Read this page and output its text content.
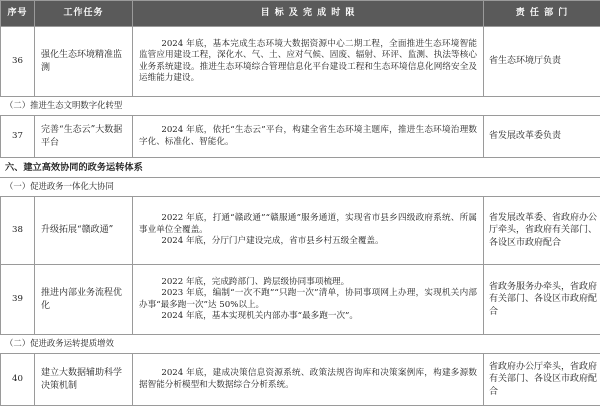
序号	工作任务	目 标 及 完 成 时 限	责 任 部 门
36	强化生态环境精准监测	2024 年底，基本完成生态环境大数据资源中心二期工程，全面推进生态环境智能监管应用建设工程，深化水、气、土、应对气候、固废、辐射、环评、监测、执法等核心业务系统建设。推进生态环境综合管理信息化平台建设工程和生态环境信息化网络安全及运维能力建设。	省生态环境厅负责
（二）推进生态文明数字化转型			
37	完善“生态云”大数据平台	2024 年底，依托“生态云”平台，构建全省生态环境主题库，推进生态环境治理数字化、标准化、智能化。	省发展改革委负责
六、建立高效协同的政务运转体系			
（一）促进政务一体化大协同			
38	升级拓展“赣政通”	2022 年底，打通“赣政通”“赣服通”服务通道，实现省市县乡四级政府系统、所属事业单位全覆盖。

2024 年底，分厅门户建设完成，省市县乡村五级全覆盖。	省发展改革委、省政府办公厅牵头，省政府有关部门、各设区市政府配合
39	推进内部业务流程优化	2022 年底，完成跨部门、跨层级协同事项梳理。

2023 年底，编制“一次不跑”“只跑一次”清单，协同事项网上办理，实现机关内部办事“最多跑一次”达 50%以上。

2024 年底，基本实现机关内部办事“最多跑一次”。	省政务服务办牵头，省政府有关部门、各设区市政府配合
（二）促进政务运转提质增效			
40	建立大数据辅助科学决策机制	2024 年底，建成决策信息资源系统、政策法规咨询库和决策案例库，构建多源数据智能分析模型和大数据综合分析系统。	省政府办公厅牵头，省政府有关部门、各设区市政府配合
